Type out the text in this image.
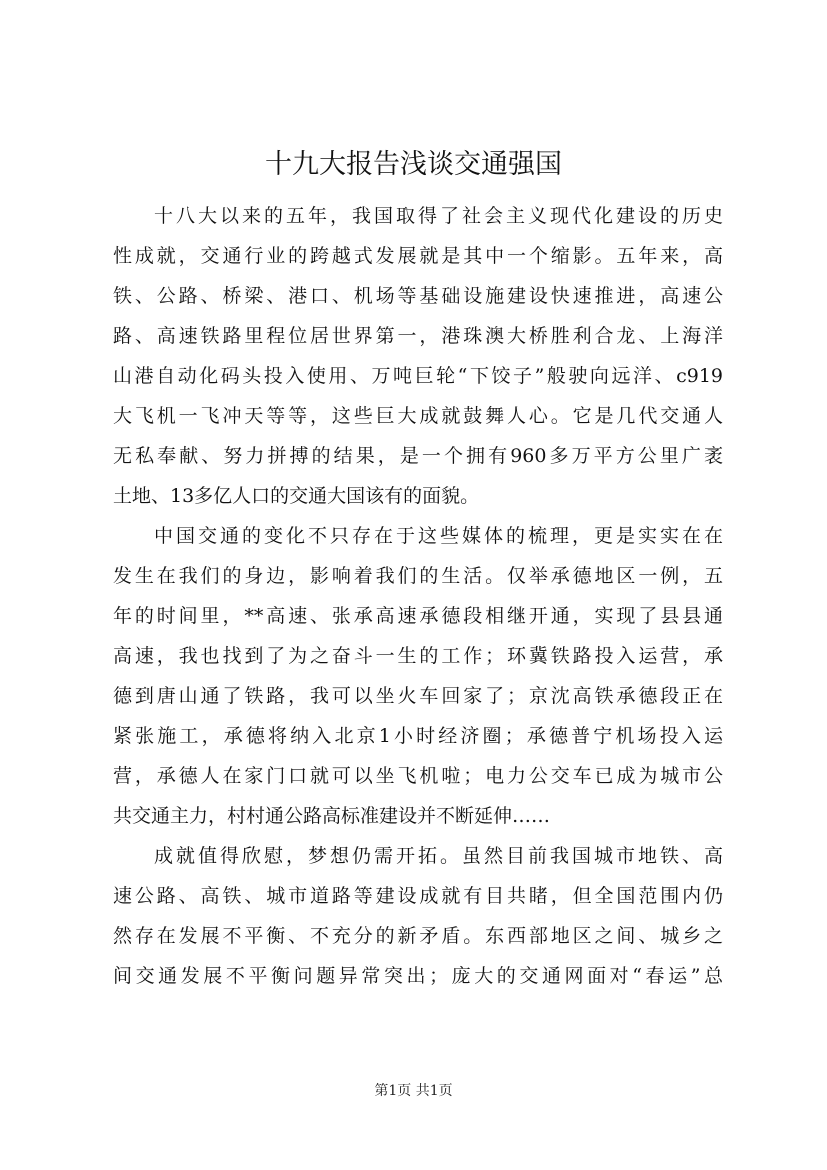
十九大报告浅谈交通强国
十八大以来的五年，我国取得了社会主义现代化建设的历史
性成就，交通行业的跨越式发展就是其中一个缩影。五年来，高
铁、公路、桥梁、港口、机场等基础设施建设快速推进，高速公
路、高速铁路里程位居世界第一，港珠澳大桥胜利合龙、上海洋
山港自动化码头投入使用、万吨巨轮“下饺子”般驶向远洋、c919
大飞机一飞冲天等等，这些巨大成就鼓舞人心。它是几代交通人
无私奉献、努力拼搏的结果，是一个拥有960多万平方公里广袤
土地、13多亿人口的交通大国该有的面貌。
中国交通的变化不只存在于这些媒体的梳理，更是实实在在
发生在我们的身边，影响着我们的生活。仅举承德地区一例，五
年的时间里，**高速、张承高速承德段相继开通，实现了县县通
高速，我也找到了为之奋斗一生的工作；环冀铁路投入运营，承
德到唐山通了铁路，我可以坐火车回家了；京沈高铁承德段正在
紧张施工，承德将纳入北京1小时经济圈；承德普宁机场投入运
营，承德人在家门口就可以坐飞机啦；电力公交车已成为城市公
共交通主力，村村通公路高标准建设并不断延伸……
成就值得欣慰，梦想仍需开拓。虽然目前我国城市地铁、高
速公路、高铁、城市道路等建设成就有目共睹，但全国范围内仍
然存在发展不平衡、不充分的新矛盾。东西部地区之间、城乡之
间交通发展不平衡问题异常突出；庞大的交通网面对“春运”总
第1页 共1页
